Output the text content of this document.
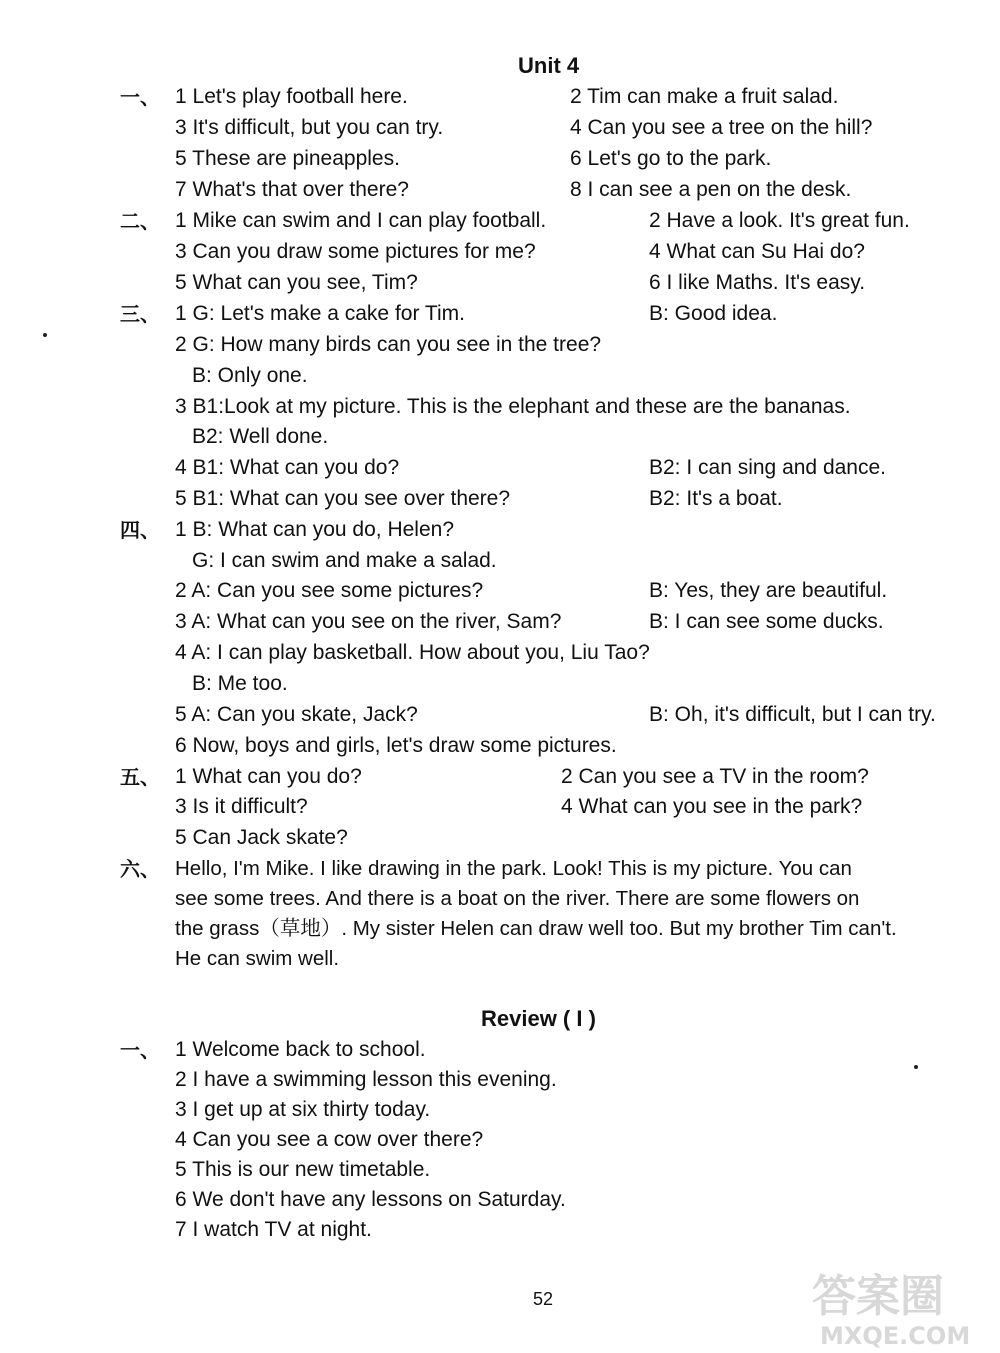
Unit 4
一、 1 Let's play football here.	2 Tim can make a fruit salad.
3 It's difficult, but you can try.	4 Can you see a tree on the hill?
5 These are pineapples.	6 Let's go to the park.
7 What's that over there?	8 I can see a pen on the desk.
二、 1 Mike can swim and I can play football.	2 Have a look. It's great fun.
3 Can you draw some pictures for me?	4 What can Su Hai do?
5 What can you see, Tim?	6 I like Maths. It's easy.
三、 1 G: Let's make a cake for Tim.	B: Good idea.
2 G: How many birds can you see in the tree?
B: Only one.
3 B1:Look at my picture. This is the elephant and these are the bananas.
B2: Well done.
4 B1: What can you do?	B2: I can sing and dance.
5 B1: What can you see over there?	B2: It's a boat.
四、 1 B: What can you do, Helen?
G: I can swim and make a salad.
2 A: Can you see some pictures?	B: Yes, they are beautiful.
3 A: What can you see on the river, Sam?	B: I can see some ducks.
4 A: I can play basketball. How about you, Liu Tao?
B: Me too.
5 A: Can you skate, Jack?	B: Oh, it's difficult, but I can try.
6 Now, boys and girls, let's draw some pictures.
五、 1 What can you do?	2 Can you see a TV in the room?
3 Is it difficult?	4 What can you see in the park?
5 Can Jack skate?
六、 Hello, I'm Mike. I like drawing in the park. Look! This is my picture. You can
see some trees. And there is a boat on the river. There are some flowers on
the grass（草地）. My sister Helen can draw well too. But my brother Tim can't.
He can swim well.
Review ( I )
一、 1 Welcome back to school.
2 I have a swimming lesson this evening.
3 I get up at six thirty today.
4 Can you see a cow over there?
5 This is our new timetable.
6 We don't have any lessons on Saturday.
7 I watch TV at night.
52	答案圈
MXQE.COM
